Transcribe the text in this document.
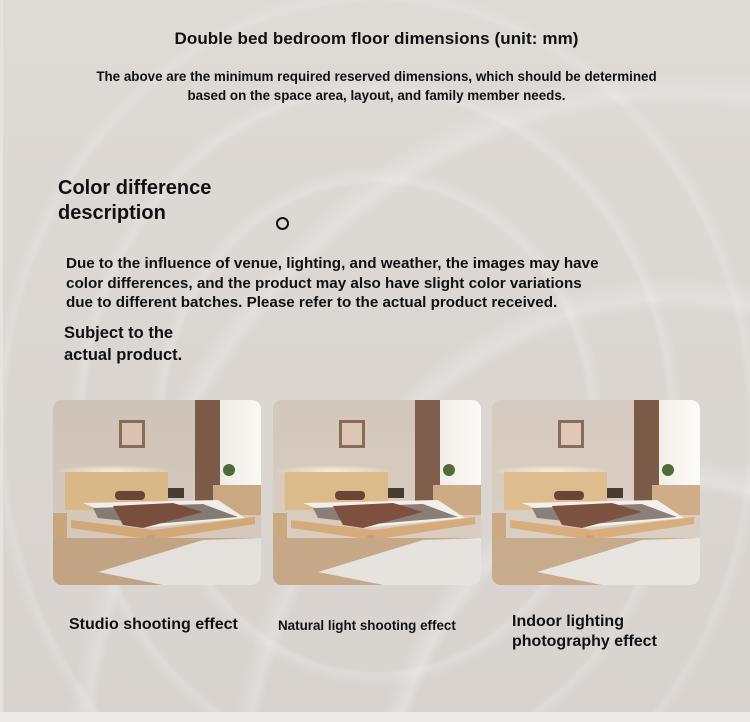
Double bed bedroom floor dimensions (unit: mm)
The above are the minimum required reserved dimensions, which should be determined
based on the space area, layout, and family member needs.
Color difference
description
Due to the influence of venue, lighting, and weather, the images may have
color differences, and the product may also have slight color variations
due to different batches. Please refer to the actual product received.
Subject to the
actual product.
Studio shooting effect	Natural light shooting effect	Indoor lighting
photography effect
